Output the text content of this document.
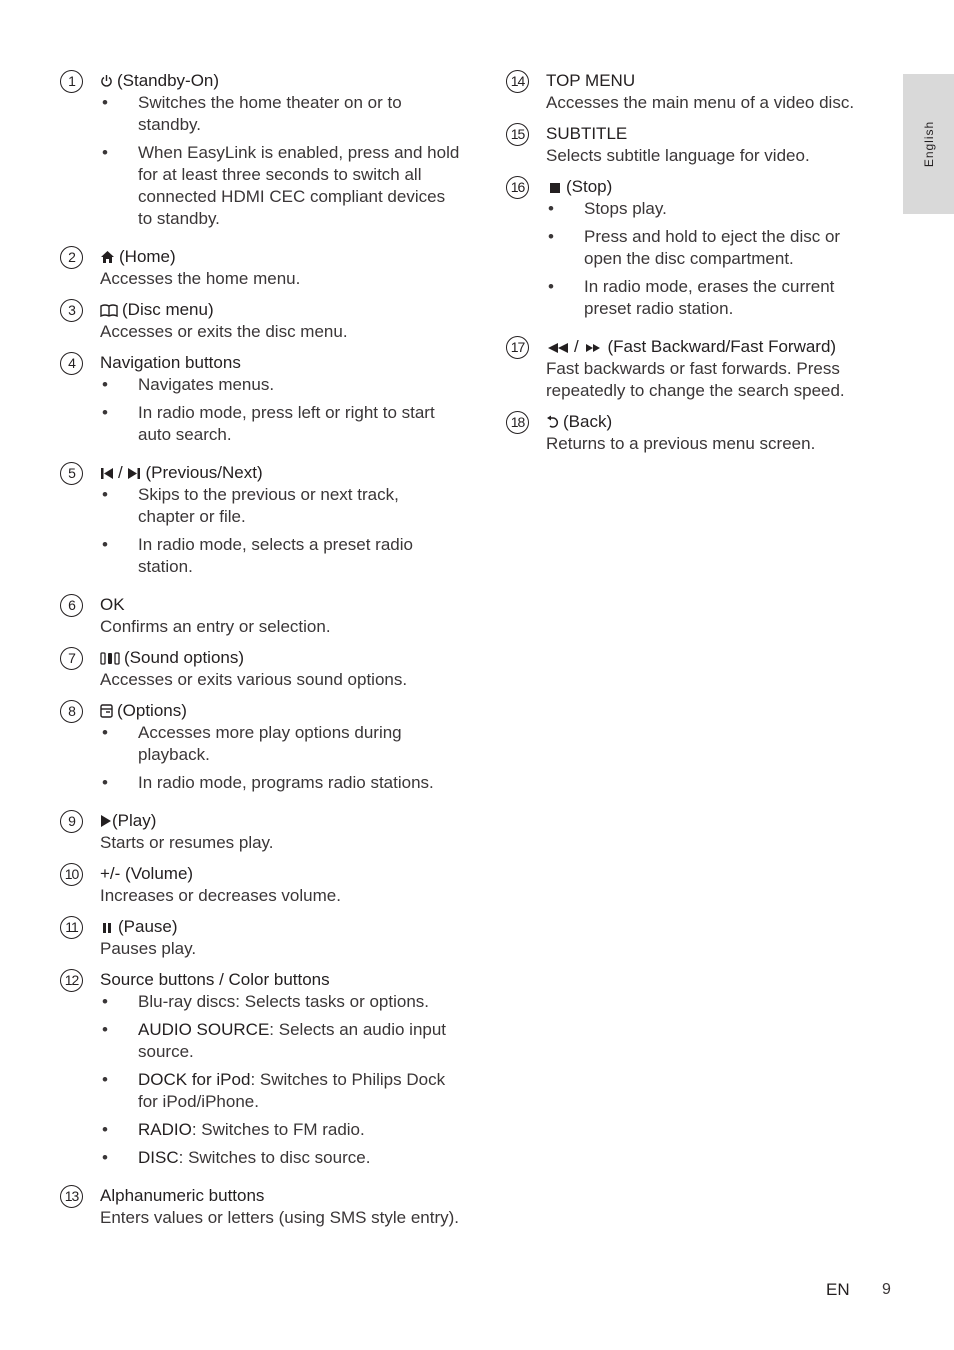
English
1	(Standby-On)
• Switches the home theater on or to standby.
• When EasyLink is enabled, press and hold for at least three seconds to switch all connected HDMI CEC compliant devices to standby.
2	(Home)
Accesses the home menu.
3	(Disc menu)
Accesses or exits the disc menu.
4	Navigation buttons
• Navigates menus.
• In radio mode, press left or right to start auto search.
5	/ (Previous/Next)
• Skips to the previous or next track, chapter or file.
• In radio mode, selects a preset radio station.
6	OK
Confirms an entry or selection.
7	(Sound options)
Accesses or exits various sound options.
8	(Options)
• Accesses more play options during playback.
• In radio mode, programs radio stations.
9	(Play)
Starts or resumes play.
10 +/- (Volume)
Increases or decreases volume.
11	(Pause)
Pauses play.
12 Source buttons / Color buttons
• Blu-ray discs: Selects tasks or options.
• AUDIO SOURCE: Selects an audio input source.
• DOCK for iPod: Switches to Philips Dock for iPod/iPhone.
• RADIO: Switches to FM radio.
• DISC: Switches to disc source.
13 Alphanumeric buttons
Enters values or letters (using SMS style entry).
14 TOP MENU
Accesses the main menu of a video disc.
15 SUBTITLE
Selects subtitle language for video.
16	(Stop)
• Stops play.
• Press and hold to eject the disc or open the disc compartment.
• In radio mode, erases the current preset radio station.
17	/ (Fast Backward/Fast Forward)
Fast backwards or fast forwards. Press repeatedly to change the search speed.
18	(Back)
Returns to a previous menu screen.
EN 9
